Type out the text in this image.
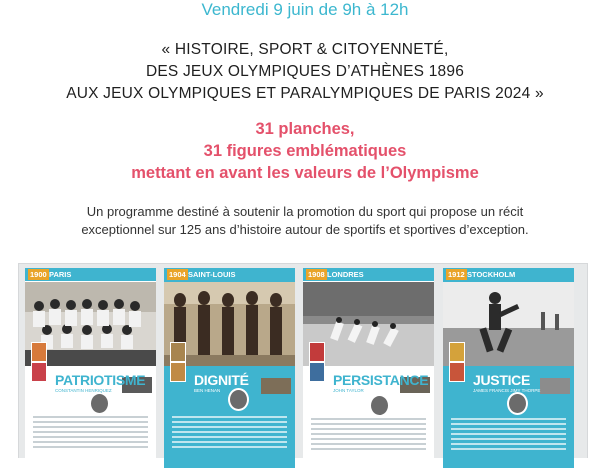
Vendredi 9 juin de 9h à 12h
« HISTOIRE, SPORT & CITOYENNETÉ,
DES JEUX OLYMPIQUES D’ATHÈNES 1896
AUX JEUX OLYMPIQUES ET PARALYMPIQUES DE PARIS 2024 »
31 planches,
31 figures emblématiques
mettant en avant les valeurs de l’Olympisme
Un programme destiné à soutenir la promotion du sport qui propose un récit
exceptionnel sur 125 ans d’histoire autour de sportifs et sportives d’exception.
1900 PARIS
PATRIOTISME
CONSTANTIN HENRIQUEZ
1904 SAINT-LOUIS
DIGNITÉ
BEN HENAN
1908 LONDRES
PERSISTANCE
JOHN TAYLOR
1912 STOCKHOLM
JUSTICE
JAMES FRANCIS JIMY THORPE
